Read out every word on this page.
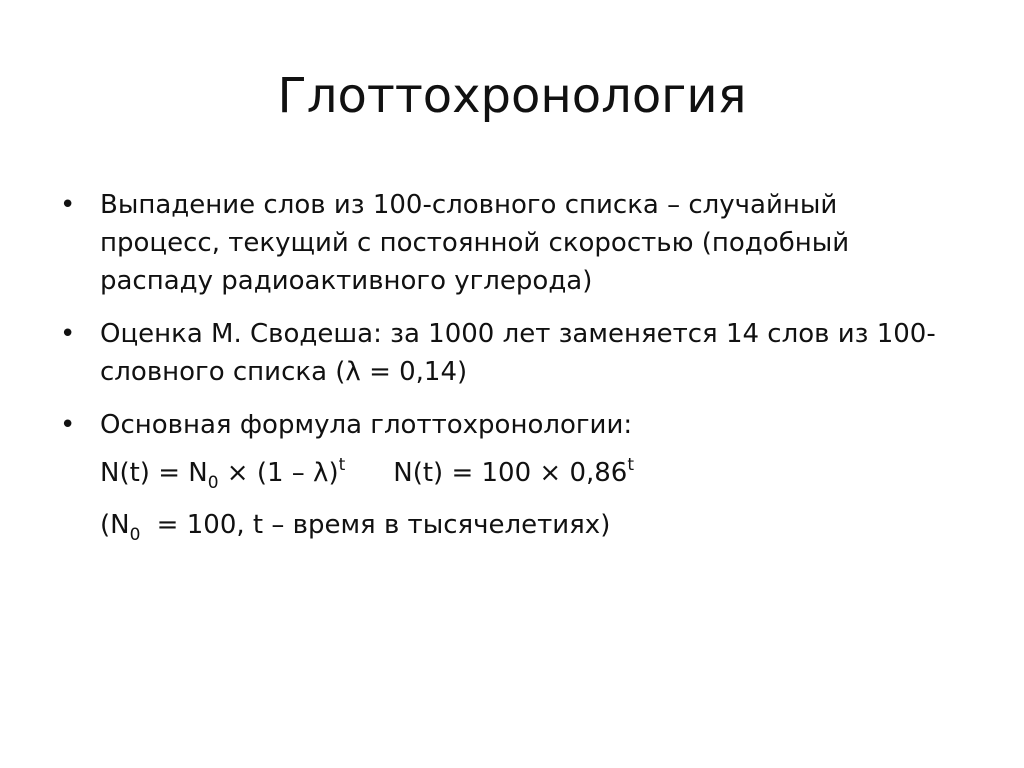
Глоттохронология
• Выпадение слов из 100-словного списка – случайный процесс, текущий с постоянной скоростью (подобный распаду радиоактивного углерода)
• Оценка М. Сводеша: за 1000 лет заменяется 14 слов из 100-словного списка (λ = 0,14)
• Основная формула глоттохронологии:
$N(t) = N_0 \times (1 - \lambda)^t$ $N(t) = 100 \times 0,86^t$
($N_0 = 100$, t – время в тысячелетиях)
